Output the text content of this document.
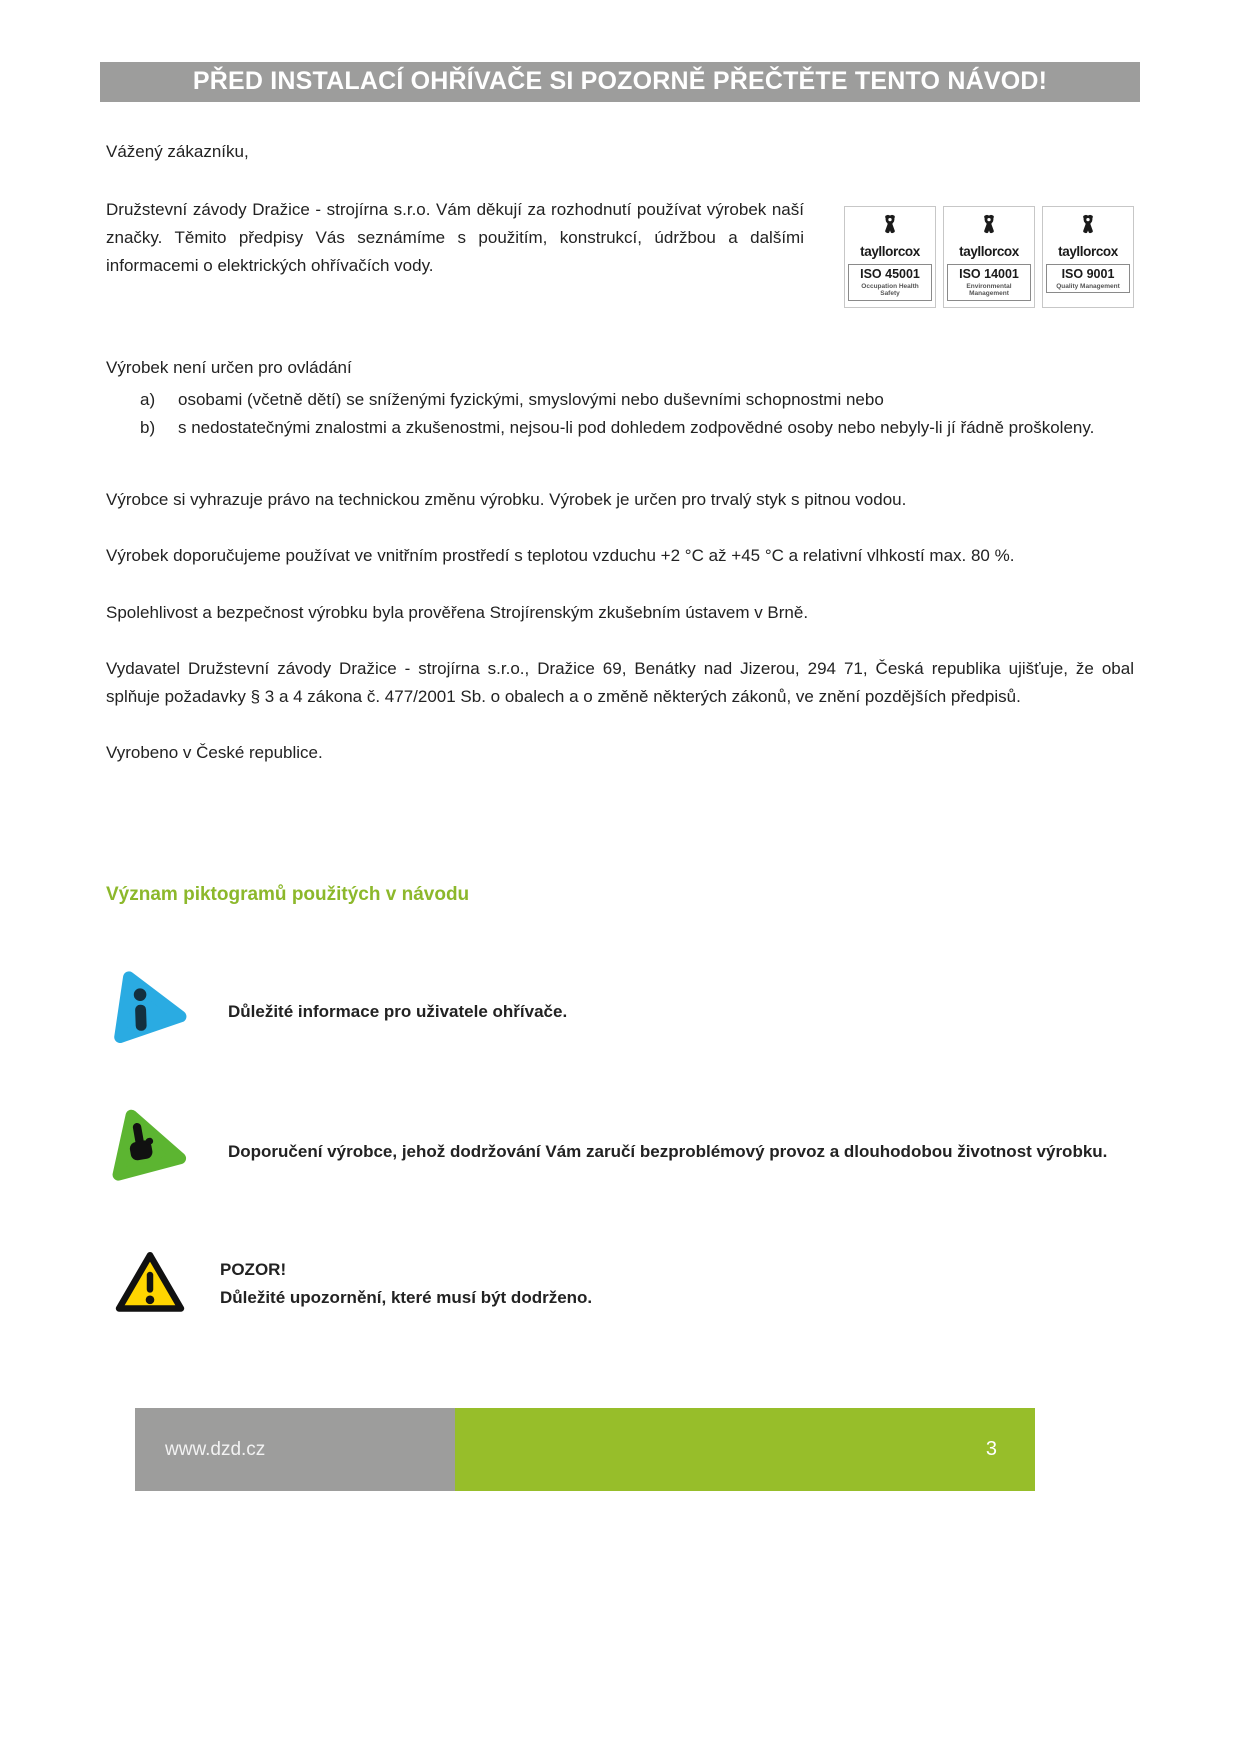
PŘED INSTALACÍ OHŘÍVAČE SI POZORNĚ PŘEČTĚTE TENTO NÁVOD!
Vážený zákazníku,
Družstevní závody Dražice - strojírna s.r.o. Vám děkují za rozhodnutí používat výrobek naší značky. Těmito předpisy Vás seznámíme s použitím, konstrukcí, údržbou a dalšími informacemi o elektrických ohřívačích vody.
tayllorcox
ISO 45001
Occupation Health Safety
tayllorcox
ISO 14001
Environmental Management
tayllorcox
ISO 9001
Quality Management
Výrobek není určen pro ovládání
a)	osobami (včetně dětí) se sníženými fyzickými, smyslovými nebo duševními schopnostmi nebo
b)	s nedostatečnými znalostmi a zkušenostmi, nejsou-li pod dohledem zodpovědné osoby nebo nebyly-li jí řádně proškoleny.
Výrobce si vyhrazuje právo na technickou změnu výrobku. Výrobek je určen pro trvalý styk s pitnou vodou.
Výrobek doporučujeme používat ve vnitřním prostředí s teplotou vzduchu +2 °C až +45 °C a relativní vlhkostí max. 80 %.
Spolehlivost a bezpečnost výrobku byla prověřena Strojírenským zkušebním ústavem v Brně.
Vydavatel Družstevní závody Dražice - strojírna s.r.o., Dražice 69, Benátky nad Jizerou, 294 71, Česká republika ujišťuje, že obal splňuje požadavky § 3 a 4 zákona č. 477/2001 Sb. o obalech a o změně některých zákonů, ve znění pozdějších předpisů.
Vyrobeno v České republice.
Význam piktogramů použitých v návodu
Důležité informace pro uživatele ohřívače.
Doporučení výrobce, jehož dodržování Vám zaručí bezproblémový provoz a dlouhodobou životnost výrobku.
POZOR!
Důležité upozornění, které musí být dodrženo.
www.dzd.cz	3
